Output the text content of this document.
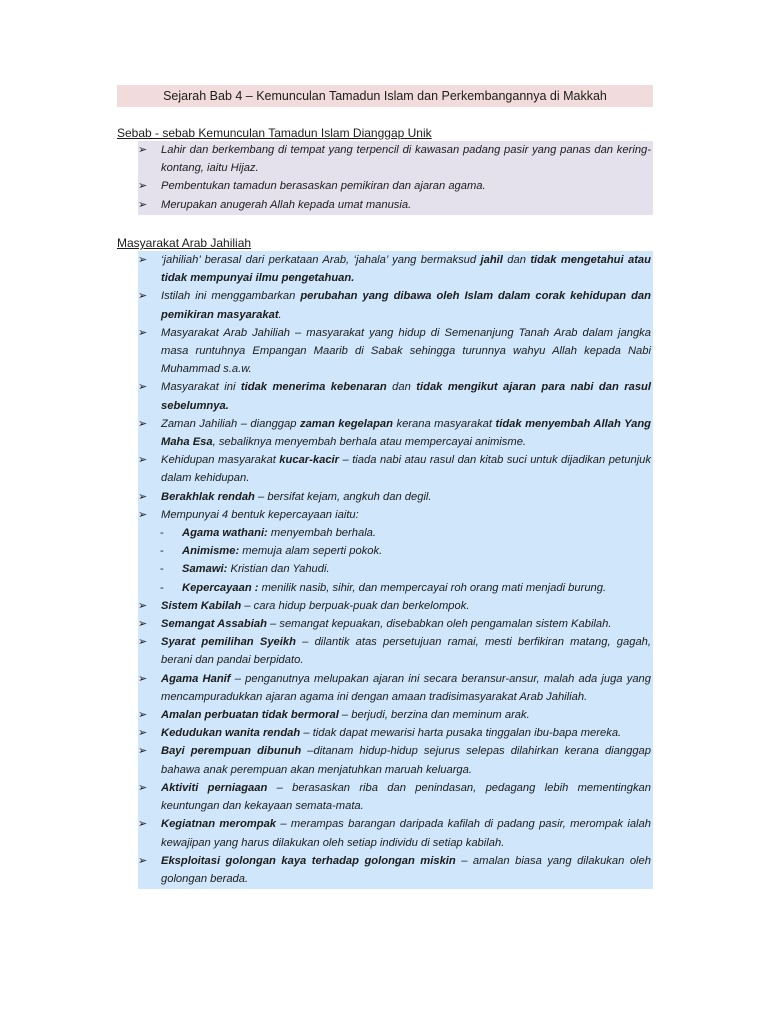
Sejarah Bab 4 – Kemunculan Tamadun Islam dan Perkembangannya di Makkah
Sebab - sebab Kemunculan Tamadun Islam Dianggap Unik
➢ Lahir dan berkembang di tempat yang terpencil di kawasan padang pasir yang panas dan kering-kontang, iaitu Hijaz.
➢ Pembentukan tamadun berasaskan pemikiran dan ajaran agama.
➢ Merupakan anugerah Allah kepada umat manusia.
Masyarakat Arab Jahiliah
➢ ‘jahiliah’ berasal dari perkataan Arab, ‘jahala’ yang bermaksud jahil dan tidak mengetahui atau tidak mempunyai ilmu pengetahuan.
➢ Istilah ini menggambarkan perubahan yang dibawa oleh Islam dalam corak kehidupan dan pemikiran masyarakat.
➢ Masyarakat Arab Jahiliah – masyarakat yang hidup di Semenanjung Tanah Arab dalam jangka masa runtuhnya Empangan Maarib di Sabak sehingga turunnya wahyu Allah kepada Nabi Muhammad s.a.w.
➢ Masyarakat ini tidak menerima kebenaran dan tidak mengikut ajaran para nabi dan rasul sebelumnya.
➢ Zaman Jahiliah – dianggap zaman kegelapan kerana masyarakat tidak menyembah Allah Yang Maha Esa, sebaliknya menyembah berhala atau mempercayai animisme.
➢ Kehidupan masyarakat kucar-kacir – tiada nabi atau rasul dan kitab suci untuk dijadikan petunjuk dalam kehidupan.
➢ Berakhlak rendah – bersifat kejam, angkuh dan degil.
➢ Mempunyai 4 bentuk kepercayaan iaitu:
- Agama wathani: menyembah berhala.
- Animisme: memuja alam seperti pokok.
- Samawi: Kristian dan Yahudi.
- Kepercayaan : menilik nasib, sihir, dan mempercayai roh orang mati menjadi burung.
➢ Sistem Kabilah – cara hidup berpuak-puak dan berkelompok.
➢ Semangat Assabiah – semangat kepuakan, disebabkan oleh pengamalan sistem Kabilah.
➢ Syarat pemilihan Syeikh – dilantik atas persetujuan ramai, mesti berfikiran matang, gagah, berani dan pandai berpidato.
➢ Agama Hanif – penganutnya melupakan ajaran ini secara beransur-ansur, malah ada juga yang mencampuradukkan ajaran agama ini dengan amaan tradisimasyarakat Arab Jahiliah.
➢ Amalan perbuatan tidak bermoral – berjudi, berzina dan meminum arak.
➢ Kedudukan wanita rendah – tidak dapat mewarisi harta pusaka tinggalan ibu-bapa mereka.
➢ Bayi perempuan dibunuh –ditanam hidup-hidup sejurus selepas dilahirkan kerana dianggap bahawa anak perempuan akan menjatuhkan maruah keluarga.
➢ Aktiviti perniagaan – berasaskan riba dan penindasan, pedagang lebih mementingkan keuntungan dan kekayaan semata-mata.
➢ Kegiatnan merompak – merampas barangan daripada kafilah di padang pasir, merompak ialah kewajipan yang harus dilakukan oleh setiap individu di setiap kabilah.
➢ Eksploitasi golongan kaya terhadap golongan miskin – amalan biasa yang dilakukan oleh golongan berada.
